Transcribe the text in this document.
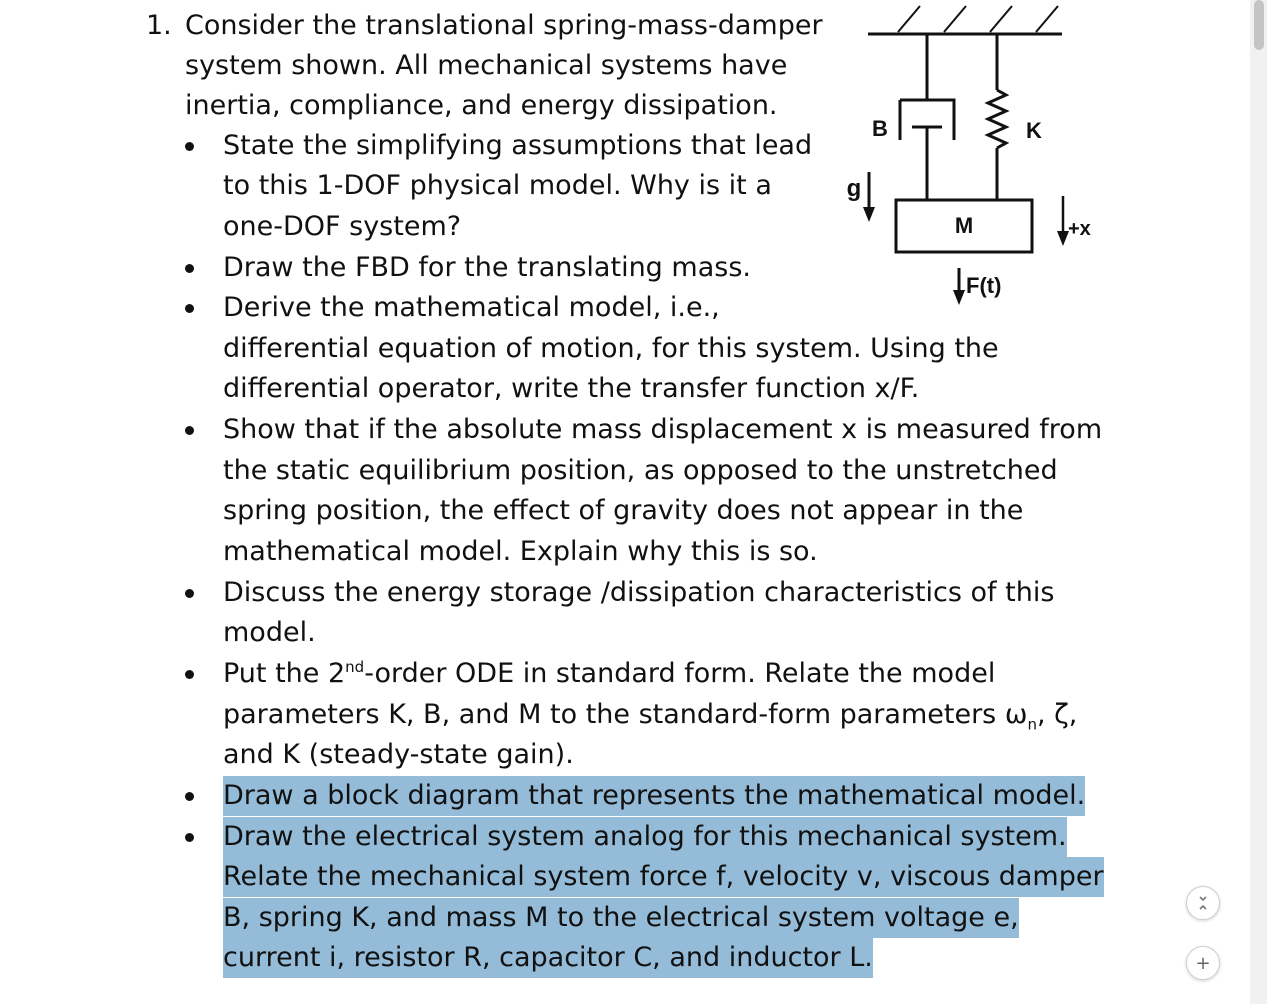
1. Consider the translational spring-mass-damper
system shown. All mechanical systems have
inertia, compliance, and energy dissipation.
State the simplifying assumptions that lead
to this 1-DOF physical model. Why is it a
one-DOF system?
Draw the FBD for the translating mass.
Derive the mathematical model, i.e.,
differential equation of motion, for this system. Using the
differential operator, write the transfer function x/F.
Show that if the absolute mass displacement x is measured from
the static equilibrium position, as opposed to the unstretched
spring position, the effect of gravity does not appear in the
mathematical model. Explain why this is so.
Discuss the energy storage /dissipation characteristics of this
model.
Put the 2nd-order ODE in standard form. Relate the model
parameters K, B, and M to the standard-form parameters $\omega_n$, ζ,
and K (steady-state gain).
Draw a block diagram that represents the mathematical model.
Draw the electrical system analog for this mechanical system.
Relate the mechanical system force f, velocity v, viscous damper
B, spring K, and mass M to the electrical system voltage e,
current i, resistor R, capacitor C, and inductor L.
M
B	K
g
+x
F(t)
+
